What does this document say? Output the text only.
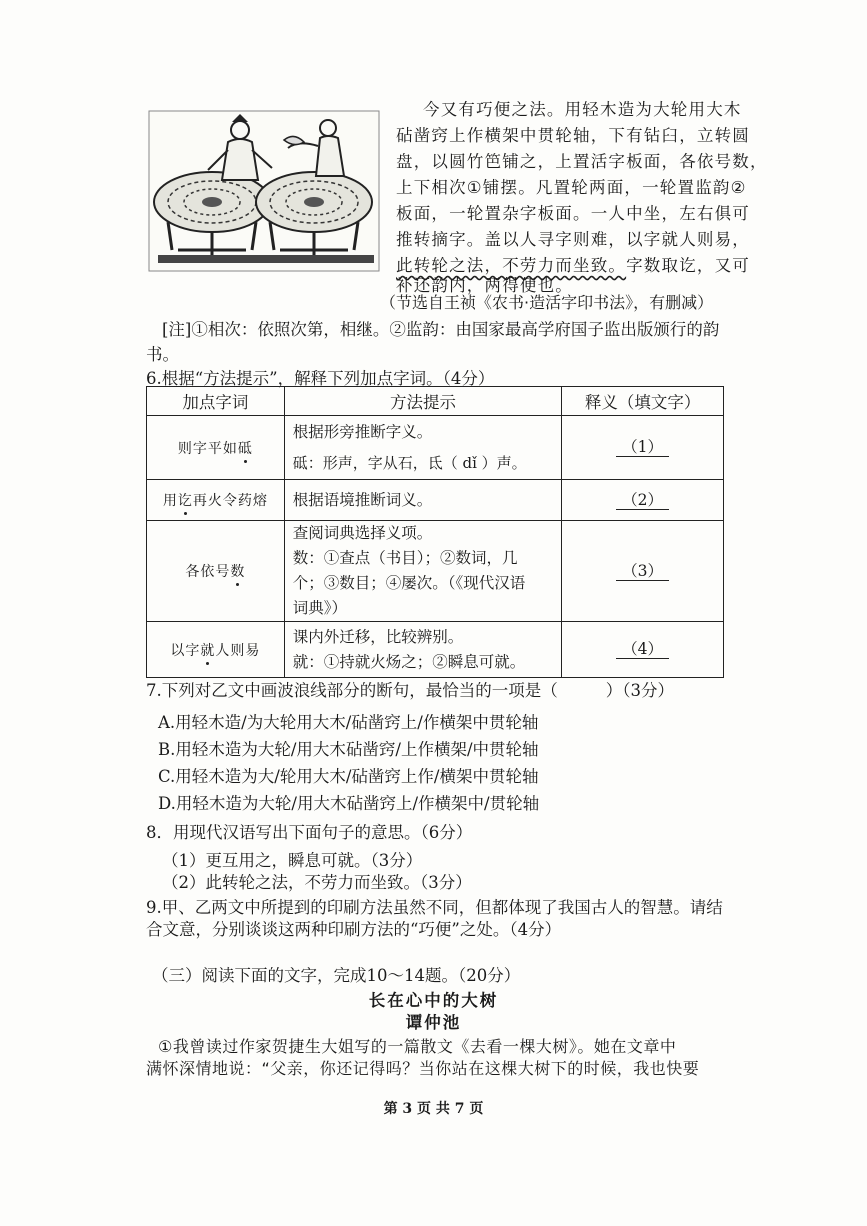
今又有巧便之法。用轻木造为大轮用大木
砧凿窍上作横架中贯轮轴，下有钻臼，立转圆
盘，以圆竹笆铺之，上置活字板面，各依号数，
上下相次①铺摆。凡置轮两面，一轮置监韵②
板面，一轮置杂字板面。一人中坐，左右俱可
推转摘字。盖以人寻字则难，以字就人则易，
此转轮之法，不劳力而坐致。字数取讫，又可
补还韵内，两得便也。
（节选自王祯《农书·造活字印书法》，有删减）
[注]①相次：依照次第，相继。②监韵：由国家最高学府国子监出版颁行的韵
书。
6.根据“方法提示”，解释下列加点字词。（4分）
加点字词	方法提示	释义（填文字）
则字平如砥	根据形旁推断字义。

砥：形声，字从石，氐（ dǐ ）声。	（1）
用讫再火令药熔	根据语境推断词义。	（2）
各依号数	查阅词典选择义项。

数：①查点（书目）；②数词，几

个；③数目；④屡次。（《现代汉语

词典》）	（3）
以字就人则易	课内外迁移，比较辨别。

就：①持就火炀之；②瞬息可就。	（4）
7.下列对乙文中画波浪线部分的断句，最恰当的一项是（	）（3分）
A.用轻木造/为大轮用大木/砧凿窍上/作横架中贯轮轴
B.用轻木造为大轮/用大木砧凿窍/上作横架/中贯轮轴
C.用轻木造为大/轮用大木/砧凿窍上作/横架中贯轮轴
D.用轻木造为大轮/用大木砧凿窍上/作横架中/贯轮轴
8．用现代汉语写出下面句子的意思。（6分）
（1）更互用之，瞬息可就。（3分）
（2）此转轮之法，不劳力而坐致。（3分）
9.甲、乙两文中所提到的印刷方法虽然不同，但都体现了我国古人的智慧。请结
合文意，分别谈谈这两种印刷方法的“巧便”之处。（4分）
（三）阅读下面的文字，完成10～14题。（20分）
长在心中的大树
谭仲池
①我曾读过作家贺捷生大姐写的一篇散文《去看一棵大树》。她在文章中
满怀深情地说：“父亲，你还记得吗？当你站在这棵大树下的时候，我也快要
第 3 页 共 7 页
